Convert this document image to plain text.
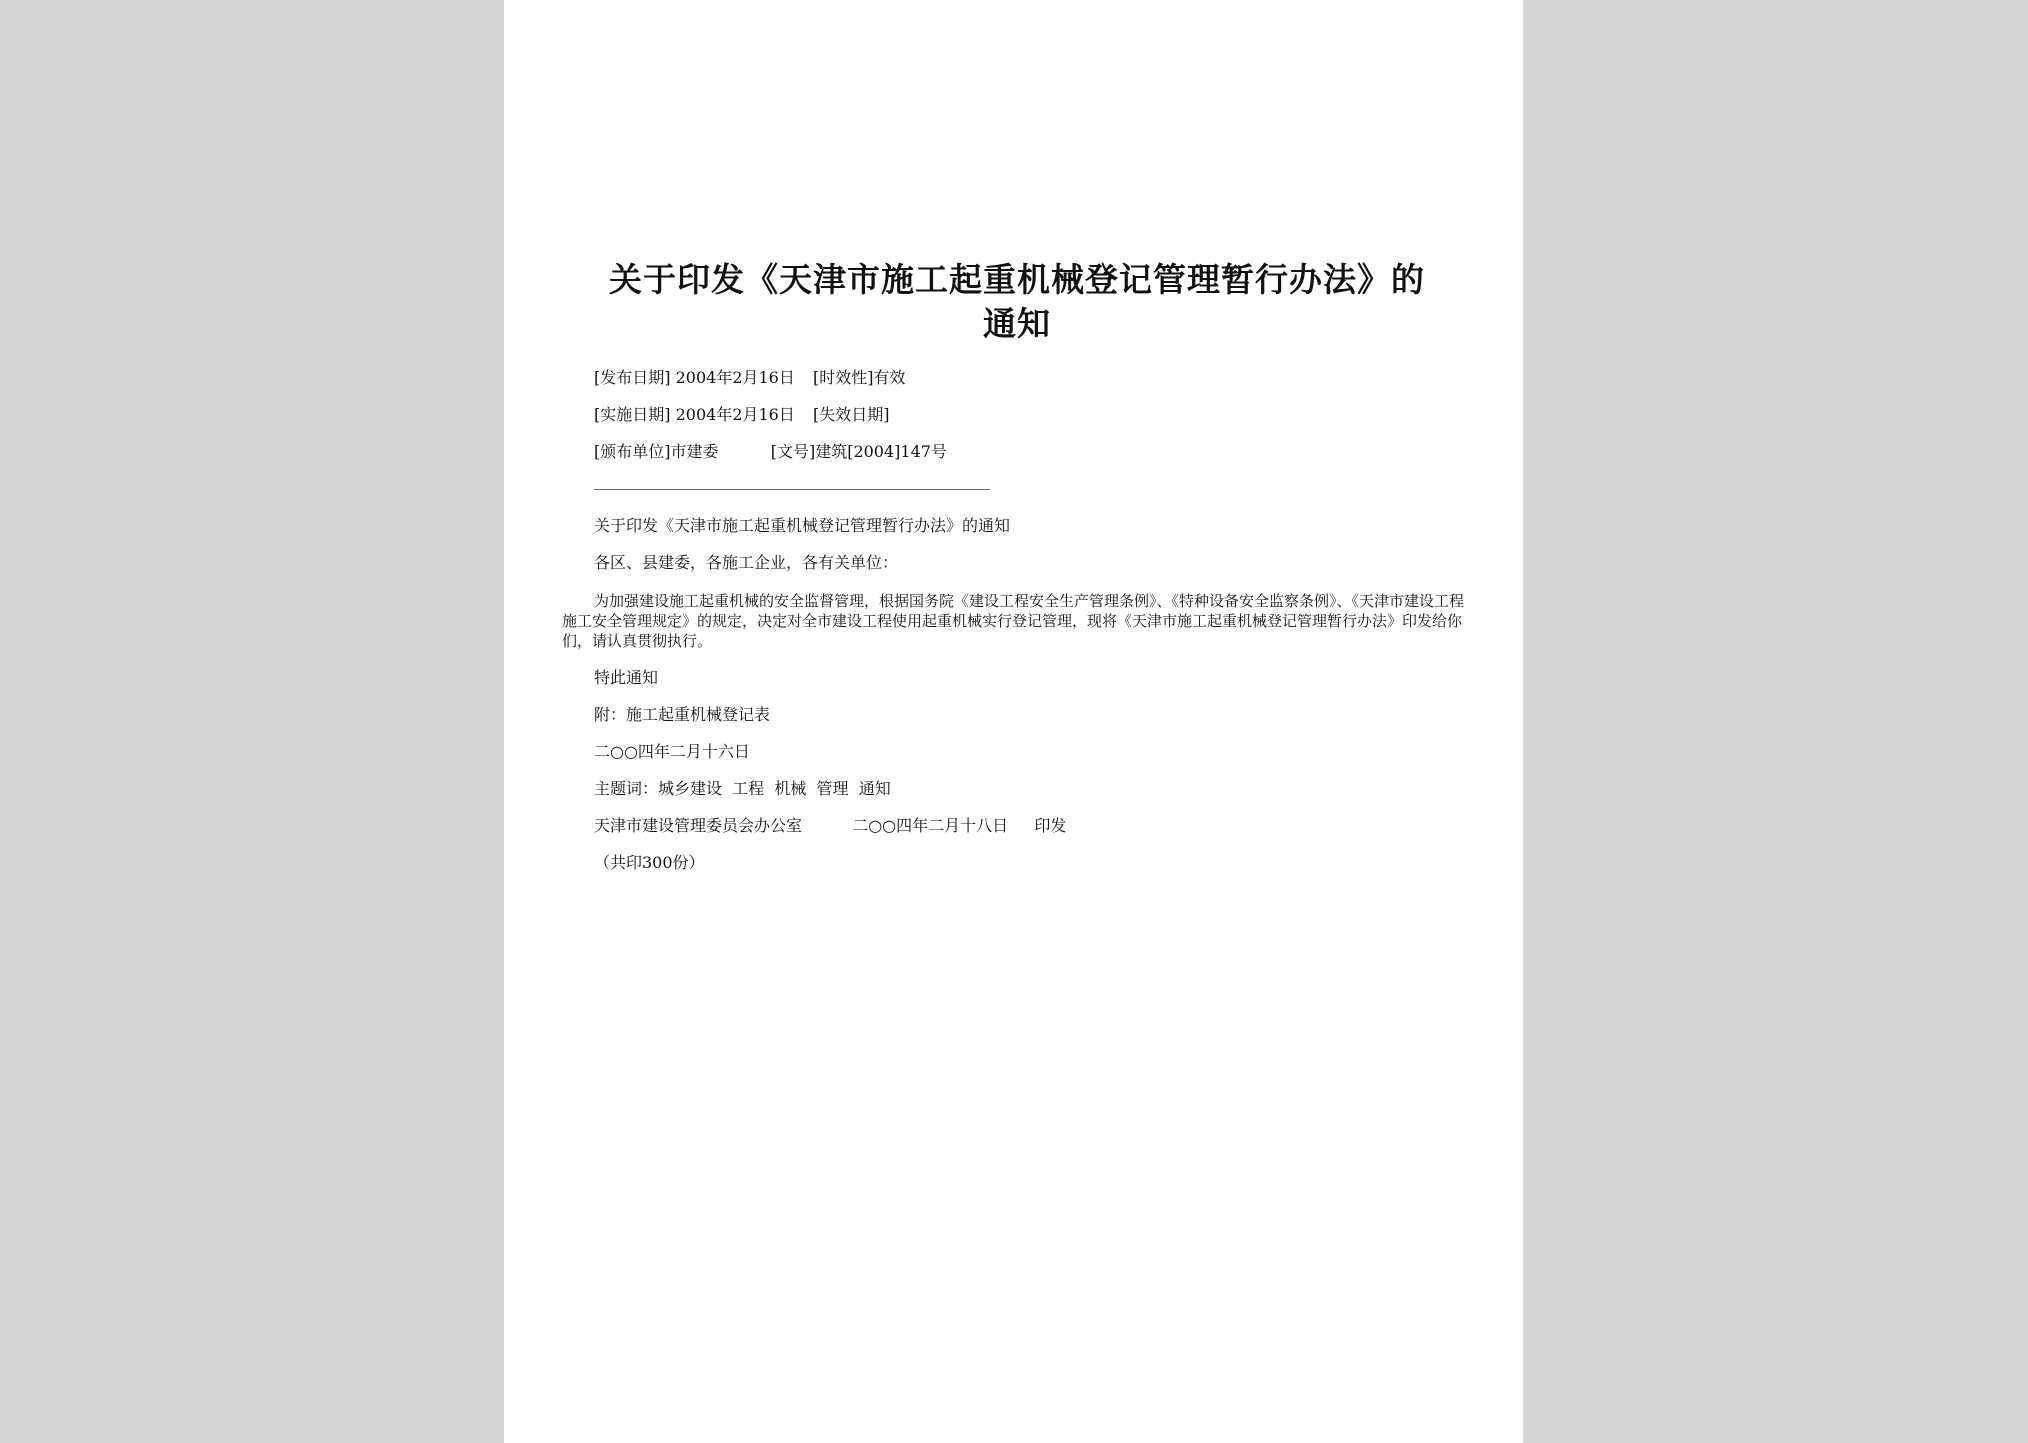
关于印发《天津市施工起重机械登记管理暂行办法》的
通知
[发布日期] 2004年2月16日 [时效性]有效
[实施日期] 2004年2月16日 [失效日期]
[颁布单位]市建委	[文号]建筑[2004]147号
关于印发《天津市施工起重机械登记管理暂行办法》的通知
各区、县建委，各施工企业，各有关单位：
为加强建设施工起重机械的安全监督管理，根据国务院《建设工程安全生产管理条例》、《特种设备安全监察条例》、《天津市建设工程施工安全管理规定》的规定，决定对全市建设工程使用起重机械实行登记管理，现将《天津市施工起重机械登记管理暂行办法》印发给你们，请认真贯彻执行。
特此通知
附：施工起重机械登记表
二○○四年二月十六日
主题词：城乡建设  工程  机械  管理  通知
天津市建设管理委员会办公室	二○○四年二月十八日 印发
（共印300份）
